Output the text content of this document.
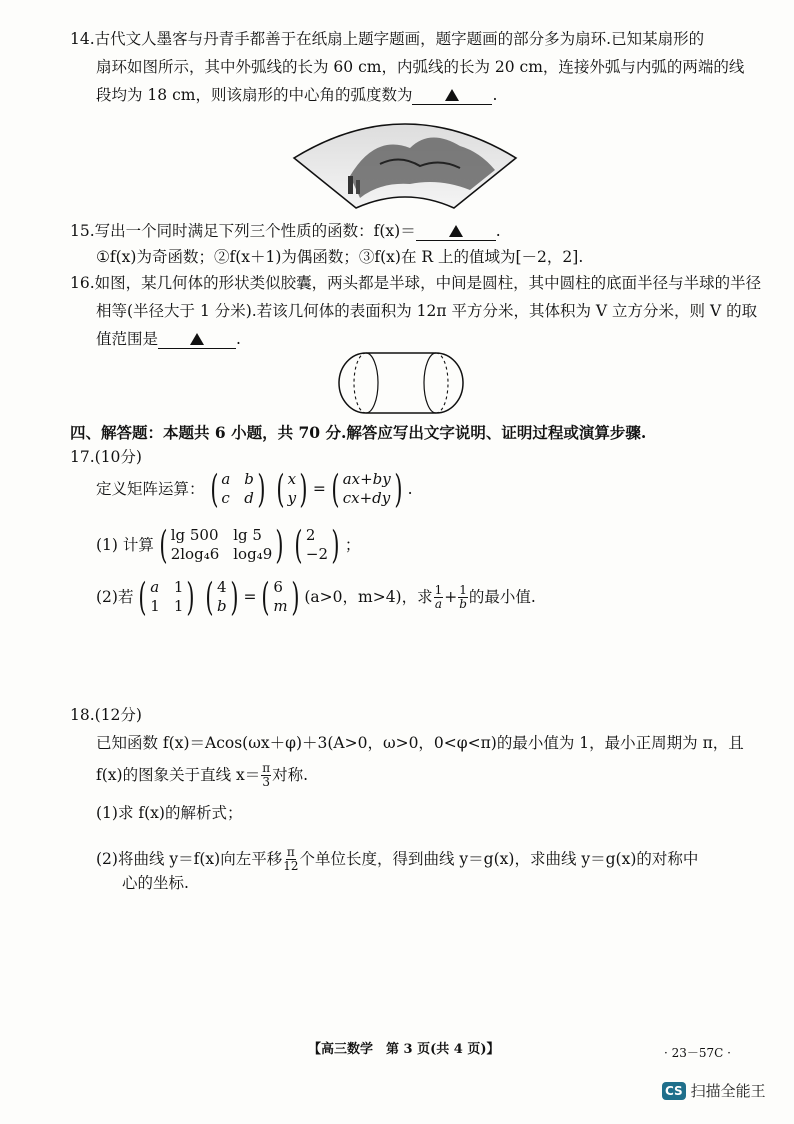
14.古代文人墨客与丹青手都善于在纸扇上题字题画，题字题画的部分多为扇环.已知某扇形的
扇环如图所示，其中外弧线的长为 60 cm，内弧线的长为 20 cm，连接外弧与内弧的两端的线
段均为 18 cm，则该扇形的中心角的弧度数为	.
15.写出一个同时满足下列三个性质的函数：f(x)＝	.
①f(x)为奇函数；②f(x＋1)为偶函数；③f(x)在 R 上的值域为[－2，2].
16.如图，某几何体的形状类似胶囊，两头都是半球，中间是圆柱，其中圆柱的底面半径与半球的半径
相等(半径大于 1 分米).若该几何体的表面积为 12π 平方分米，其体积为 V 立方分米，则 V 的取
值范围是	.
四、解答题：本题共 6 小题，共 70 分.解答应写出文字说明、证明过程或演算步骤.
17.(10分)
定义矩阵运算： ( a b
c d ) ( x
y ) = ( ax+by
cx+dy ) .
(1) 计算 ( lg 500 lg 5
2log₄6 log₄9 ) ( 2
−2 ) ；
(2)若 ( a 1
1 1 ) ( 4
b ) = ( 6
m ) (a>0，m>4)，求 $\frac{1}{a} + \frac{1}{b}$ 的最小值.
18.(12分)
已知函数 f(x)＝Acos(ωx＋φ)＋3(A>0，ω>0，0<φ<π)的最小值为 1，最小正周期为 π，且
f(x)的图象关于直线 $x= \frac{\pi}{3}$ 对称.
(1)求 f(x)的解析式；
(2)将曲线 y＝f(x)向左平移 $\frac{\pi}{12}$ 个单位长度，得到曲线 y＝g(x)，求曲线 y＝g(x)的对称中
心的坐标.
【高三数学　第 3 页(共 4 页)】	· 23－57C ·
CS 扫描全能王
